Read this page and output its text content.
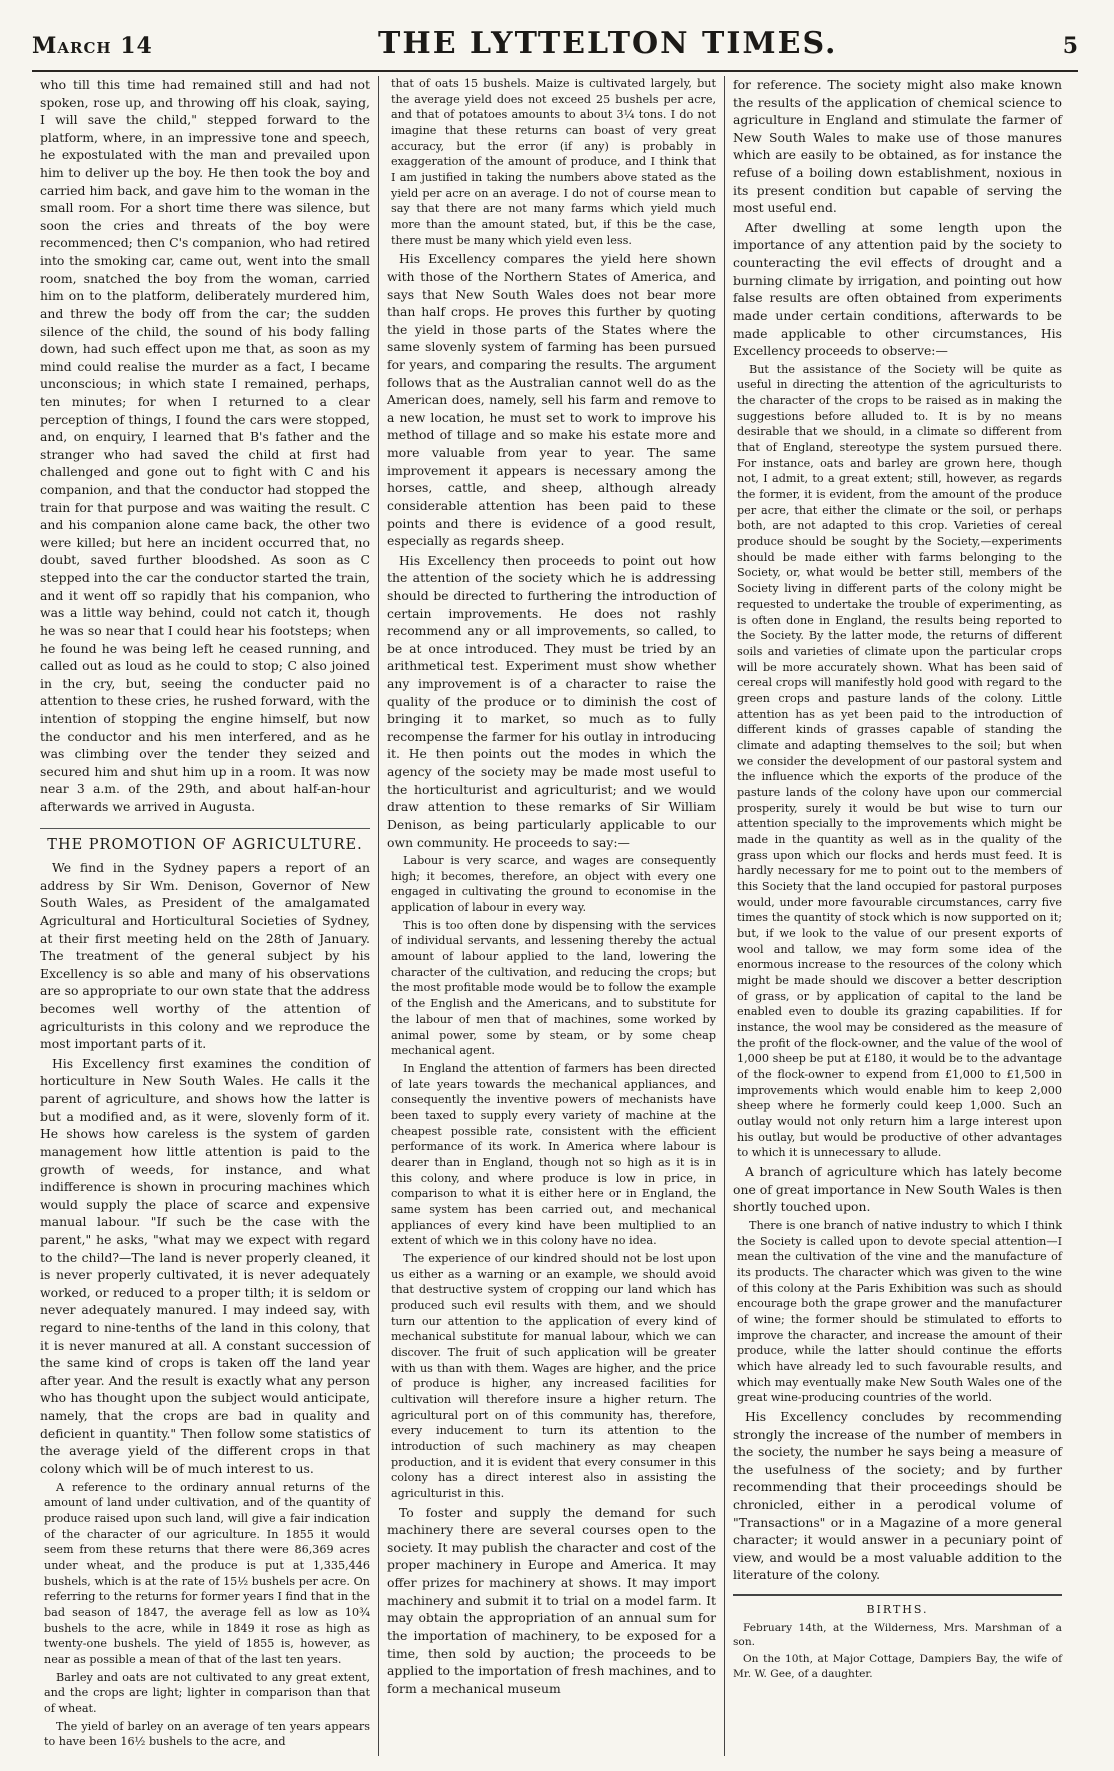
March 14	THE LYTTELTON TIMES.	5

who till this time had remained still and had not spoken, rose up, and throwing off his cloak, saying, I will save the child," stepped forward to the platform, where, in an impressive tone and speech, he expostulated with the man and prevailed upon him to deliver up the boy. He then took the boy and carried him back, and gave him to the woman in the small room. For a short time there was silence, but soon the cries and threats of the boy were recommenced; then C's companion, who had retired into the smoking car, came out, went into the small room, snatched the boy from the woman, carried him on to the platform, deliberately murdered him, and threw the body off from the car; the sudden silence of the child, the sound of his body falling down, had such effect upon me that, as soon as my mind could realise the murder as a fact, I became unconscious; in which state I remained, perhaps, ten minutes; for when I returned to a clear perception of things, I found the cars were stopped, and, on enquiry, I learned that B's father and the stranger who had saved the child at first had challenged and gone out to fight with C and his companion, and that the conductor had stopped the train for that purpose and was waiting the result. C and his companion alone came back, the other two were killed; but here an incident occurred that, no doubt, saved further bloodshed. As soon as C stepped into the car the conductor started the train, and it went off so rapidly that his companion, who was a little way behind, could not catch it, though he was so near that I could hear his footsteps; when he found he was being left he ceased running, and called out as loud as he could to stop; C also joined in the cry, but, seeing the conducter paid no attention to these cries, he rushed forward, with the intention of stopping the engine himself, but now the conductor and his men interfered, and as he was climbing over the tender they seized and secured him and shut him up in a room. It was now near 3 a.m. of the 29th, and about half-an-hour afterwards we arrived in Augusta.

THE PROMOTION OF AGRICULTURE.

We find in the Sydney papers a report of an address by Sir Wm. Denison, Governor of New South Wales, as President of the amalgamated Agricultural and Horticultural Societies of Sydney, at their first meeting held on the 28th of January. The treatment of the general subject by his Excellency is so able and many of his observations are so appropriate to our own state that the address becomes well worthy of the attention of agriculturists in this colony and we reproduce the most important parts of it.

His Excellency first examines the condition of horticulture in New South Wales. He calls it the parent of agriculture, and shows how the latter is but a modified and, as it were, slovenly form of it. He shows how careless is the system of garden management how little attention is paid to the growth of weeds, for instance, and what indifference is shown in procuring machines which would supply the place of scarce and expensive manual labour. "If such be the case with the parent," he asks, "what may we expect with regard to the child?—The land is never properly cleaned, it is never properly cultivated, it is never adequately worked, or reduced to a proper tilth; it is seldom or never adequately manured. I may indeed say, with regard to nine-tenths of the land in this colony, that it is never manured at all. A constant succession of the same kind of crops is taken off the land year after year. And the result is exactly what any person who has thought upon the subject would anticipate, namely, that the crops are bad in quality and deficient in quantity." Then follow some statistics of the average yield of the different crops in that colony which will be of much interest to us.

A reference to the ordinary annual returns of the amount of land under cultivation, and of the quantity of produce raised upon such land, will give a fair indication of the character of our agriculture. In 1855 it would seem from these returns that there were 86,369 acres under wheat, and the produce is put at 1,335,446 bushels, which is at the rate of 15½ bushels per acre. On referring to the returns for former years I find that in the bad season of 1847, the average fell as low as 10¾ bushels to the acre, while in 1849 it rose as high as twenty-one bushels. The yield of 1855 is, however, as near as possible a mean of that of the last ten years.

Barley and oats are not cultivated to any great extent, and the crops are light; lighter in comparison than that of wheat.

The yield of barley on an average of ten years appears to have been 16½ bushels to the acre, and

that of oats 15 bushels. Maize is cultivated largely, but the average yield does not exceed 25 bushels per acre, and that of potatoes amounts to about 3¼ tons. I do not imagine that these returns can boast of very great accuracy, but the error (if any) is probably in exaggeration of the amount of produce, and I think that I am justified in taking the numbers above stated as the yield per acre on an average. I do not of course mean to say that there are not many farms which yield much more than the amount stated, but, if this be the case, there must be many which yield even less.

His Excellency compares the yield here shown with those of the Northern States of America, and says that New South Wales does not bear more than half crops. He proves this further by quoting the yield in those parts of the States where the same slovenly system of farming has been pursued for years, and comparing the results. The argument follows that as the Australian cannot well do as the American does, namely, sell his farm and remove to a new location, he must set to work to improve his method of tillage and so make his estate more and more valuable from year to year. The same improvement it appears is necessary among the horses, cattle, and sheep, although already considerable attention has been paid to these points and there is evidence of a good result, especially as regards sheep.

His Excellency then proceeds to point out how the attention of the society which he is addressing should be directed to furthering the introduction of certain improvements. He does not rashly recommend any or all improvements, so called, to be at once introduced. They must be tried by an arithmetical test. Experiment must show whether any improvement is of a character to raise the quality of the produce or to diminish the cost of bringing it to market, so much as to fully recompense the farmer for his outlay in introducing it. He then points out the modes in which the agency of the society may be made most useful to the horticulturist and agriculturist; and we would draw attention to these remarks of Sir William Denison, as being particularly applicable to our own community. He proceeds to say:—

Labour is very scarce, and wages are consequently high; it becomes, therefore, an object with every one engaged in cultivating the ground to economise in the application of labour in every way.

This is too often done by dispensing with the services of individual servants, and lessening thereby the actual amount of labour applied to the land, lowering the character of the cultivation, and reducing the crops; but the most profitable mode would be to follow the example of the English and the Americans, and to substitute for the labour of men that of machines, some worked by animal power, some by steam, or by some cheap mechanical agent.

In England the attention of farmers has been directed of late years towards the mechanical appliances, and consequently the inventive powers of mechanists have been taxed to supply every variety of machine at the cheapest possible rate, consistent with the efficient performance of its work. In America where labour is dearer than in England, though not so high as it is in this colony, and where produce is low in price, in comparison to what it is either here or in England, the same system has been carried out, and mechanical appliances of every kind have been multiplied to an extent of which we in this colony have no idea.

The experience of our kindred should not be lost upon us either as a warning or an example, we should avoid that destructive system of cropping our land which has produced such evil results with them, and we should turn our attention to the application of every kind of mechanical substitute for manual labour, which we can discover. The fruit of such application will be greater with us than with them. Wages are higher, and the price of produce is higher, any increased facilities for cultivation will therefore insure a higher return. The agricultural port on of this community has, therefore, every inducement to turn its attention to the introduction of such machinery as may cheapen production, and it is evident that every consumer in this colony has a direct interest also in assisting the agriculturist in this.

To foster and supply the demand for such machinery there are several courses open to the society. It may publish the character and cost of the proper machinery in Europe and America. It may offer prizes for machinery at shows. It may import machinery and submit it to trial on a model farm. It may obtain the appropriation of an annual sum for the importation of machinery, to be exposed for a time, then sold by auction; the proceeds to be applied to the importation of fresh machines, and to form a mechanical museum

for reference. The society might also make known the results of the application of chemical science to agriculture in England and stimulate the farmer of New South Wales to make use of those manures which are easily to be obtained, as for instance the refuse of a boiling down establishment, noxious in its present condition but capable of serving the most useful end.

After dwelling at some length upon the importance of any attention paid by the society to counteracting the evil effects of drought and a burning climate by irrigation, and pointing out how false results are often obtained from experiments made under certain conditions, afterwards to be made applicable to other circumstances, His Excellency proceeds to observe:—

But the assistance of the Society will be quite as useful in directing the attention of the agriculturists to the character of the crops to be raised as in making the suggestions before alluded to. It is by no means desirable that we should, in a climate so different from that of England, stereotype the system pursued there. For instance, oats and barley are grown here, though not, I admit, to a great extent; still, however, as regards the former, it is evident, from the amount of the produce per acre, that either the climate or the soil, or perhaps both, are not adapted to this crop. Varieties of cereal produce should be sought by the Society,—experiments should be made either with farms belonging to the Society, or, what would be better still, members of the Society living in different parts of the colony might be requested to undertake the trouble of experimenting, as is often done in England, the results being reported to the Society. By the latter mode, the returns of different soils and varieties of climate upon the particular crops will be more accurately shown. What has been said of cereal crops will manifestly hold good with regard to the green crops and pasture lands of the colony. Little attention has as yet been paid to the introduction of different kinds of grasses capable of standing the climate and adapting themselves to the soil; but when we consider the development of our pastoral system and the influence which the exports of the produce of the pasture lands of the colony have upon our commercial prosperity, surely it would be but wise to turn our attention specially to the improvements which might be made in the quantity as well as in the quality of the grass upon which our flocks and herds must feed. It is hardly necessary for me to point out to the members of this Society that the land occupied for pastoral purposes would, under more favourable circumstances, carry five times the quantity of stock which is now supported on it; but, if we look to the value of our present exports of wool and tallow, we may form some idea of the enormous increase to the resources of the colony which might be made should we discover a better description of grass, or by application of capital to the land be enabled even to double its grazing capabilities. If for instance, the wool may be considered as the measure of the profit of the flock-owner, and the value of the wool of 1,000 sheep be put at £180, it would be to the advantage of the flock-owner to expend from £1,000 to £1,500 in improvements which would enable him to keep 2,000 sheep where he formerly could keep 1,000. Such an outlay would not only return him a large interest upon his outlay, but would be productive of other advantages to which it is unnecessary to allude.

A branch of agriculture which has lately become one of great importance in New South Wales is then shortly touched upon.

There is one branch of native industry to which I think the Society is called upon to devote special attention—I mean the cultivation of the vine and the manufacture of its products. The character which was given to the wine of this colony at the Paris Exhibition was such as should encourage both the grape grower and the manufacturer of wine; the former should be stimulated to efforts to improve the character, and increase the amount of their produce, while the latter should continue the efforts which have already led to such favourable results, and which may eventually make New South Wales one of the great wine-producing countries of the world.

His Excellency concludes by recommending strongly the increase of the number of members in the society, the number he says being a measure of the usefulness of the society; and by further recommending that their proceedings should be chronicled, either in a perodical volume of "Transactions" or in a Magazine of a more general character; it would answer in a pecuniary point of view, and would be a most valuable addition to the literature of the colony.

BIRTHS.

February 14th, at the Wilderness, Mrs. Marshman of a son.

On the 10th, at Major Cottage, Dampiers Bay, the wife of Mr. W. Gee, of a daughter.
